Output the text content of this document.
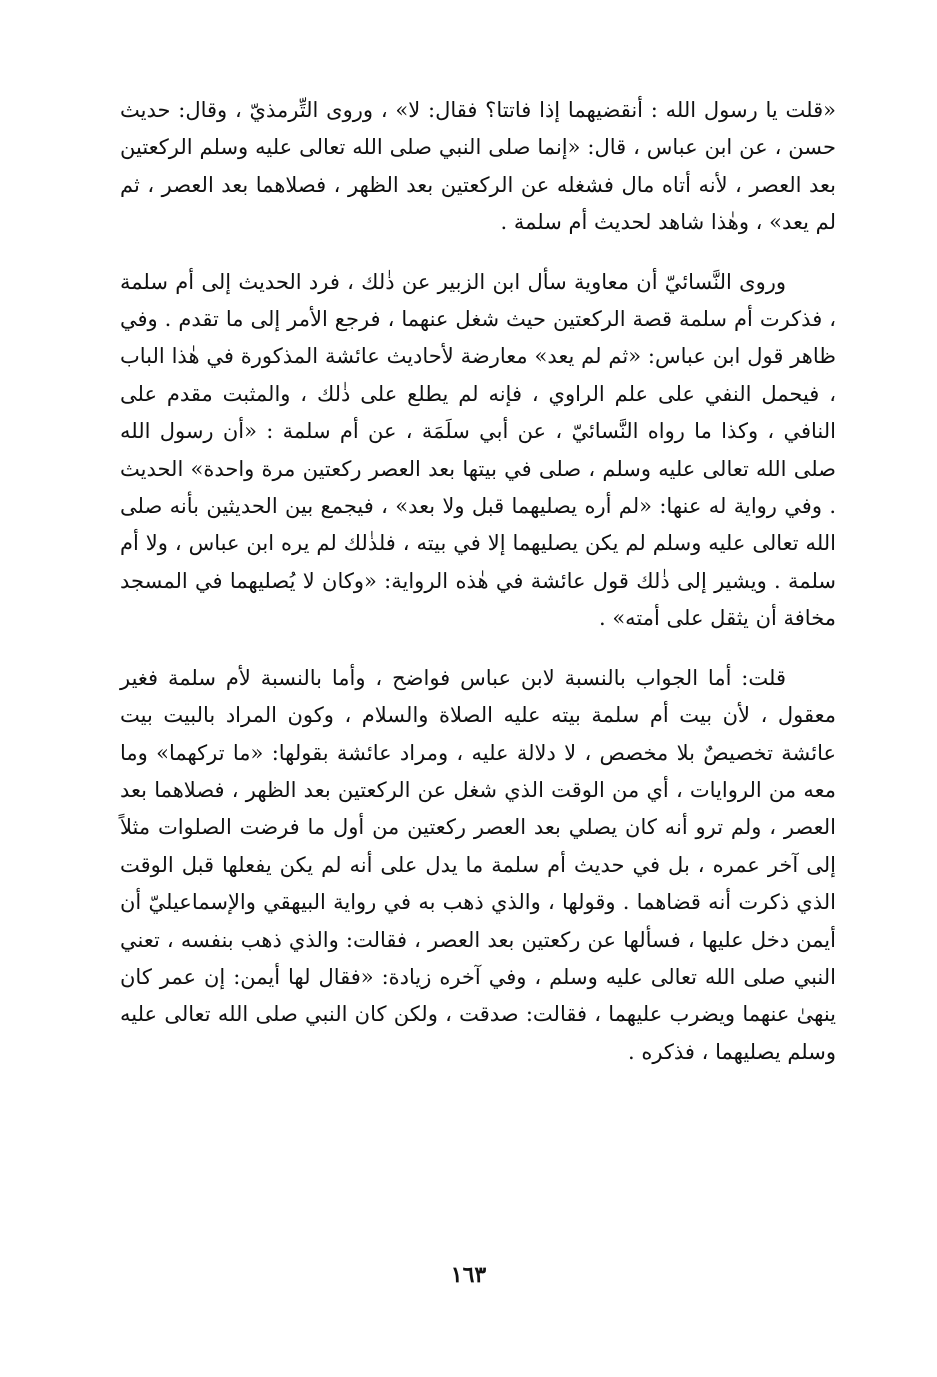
«قلت يا رسول الله : أنقضيهما إذا فاتتا؟ فقال: لا» ، وروى التِّرمذيّ ، وقال: حديث حسن ، عن ابن عباس ، قال: «إنما صلى النبي صلى الله تعالى عليه وسلم الركعتين بعد العصر ، لأنه أتاه مال فشغله عن الركعتين بعد الظهر ، فصلاهما بعد العصر ، ثم لم يعد» ، وهٰذا شاهد لحديث أم سلمة .

وروى النَّسائيّ أن معاوية سأل ابن الزبير عن ذٰلك ، فرد الحديث إلى أم سلمة ، فذكرت أم سلمة قصة الركعتين حيث شغل عنهما ، فرجع الأمر إلى ما تقدم . وفي ظاهر قول ابن عباس: «ثم لم يعد» معارضة لأحاديث عائشة المذكورة في هٰذا الباب ، فيحمل النفي على علم الراوي ، فإنه لم يطلع على ذٰلك ، والمثبت مقدم على النافي ، وكذا ما رواه النَّسائيّ ، عن أبي سلَمَة ، عن أم سلمة : «أن رسول الله صلى الله تعالى عليه وسلم ، صلى في بيتها بعد العصر ركعتين مرة واحدة» الحديث . وفي رواية له عنها: «لم أره يصليهما قبل ولا بعد» ، فيجمع بين الحديثين بأنه صلى الله تعالى عليه وسلم لم يكن يصليهما إلا في بيته ، فلذٰلك لم يره ابن عباس ، ولا أم سلمة . ويشير إلى ذٰلك قول عائشة في هٰذه الرواية: «وكان لا يُصليهما في المسجد مخافة أن يثقل على أمته» .

قلت: أما الجواب بالنسبة لابن عباس فواضح ، وأما بالنسبة لأم سلمة فغير معقول ، لأن بيت أم سلمة بيته عليه الصلاة والسلام ، وكون المراد بالبيت بيت عائشة تخصيصٌ بلا مخصص ، لا دلالة عليه ، ومراد عائشة بقولها: «ما تركهما» وما معه من الروايات ، أي من الوقت الذي شغل عن الركعتين بعد الظهر ، فصلاهما بعد العصر ، ولم ترو أنه كان يصلي بعد العصر ركعتين من أول ما فرضت الصلوات مثلاً إلى آخر عمره ، بل في حديث أم سلمة ما يدل على أنه لم يكن يفعلها قبل الوقت الذي ذكرت أنه قضاهما . وقولها ، والذي ذهب به في رواية البيهقي والإسماعيليّ أن أيمن دخل عليها ، فسألها عن ركعتين بعد العصر ، فقالت: والذي ذهب بنفسه ، تعني النبي صلى الله تعالى عليه وسلم ، وفي آخره زيادة: «فقال لها أيمن: إن عمر كان ينهىٰ عنهما ويضرب عليهما ، فقالت: صدقت ، ولكن كان النبي صلى الله تعالى عليه وسلم يصليهما ، فذكره .

١٦٣
